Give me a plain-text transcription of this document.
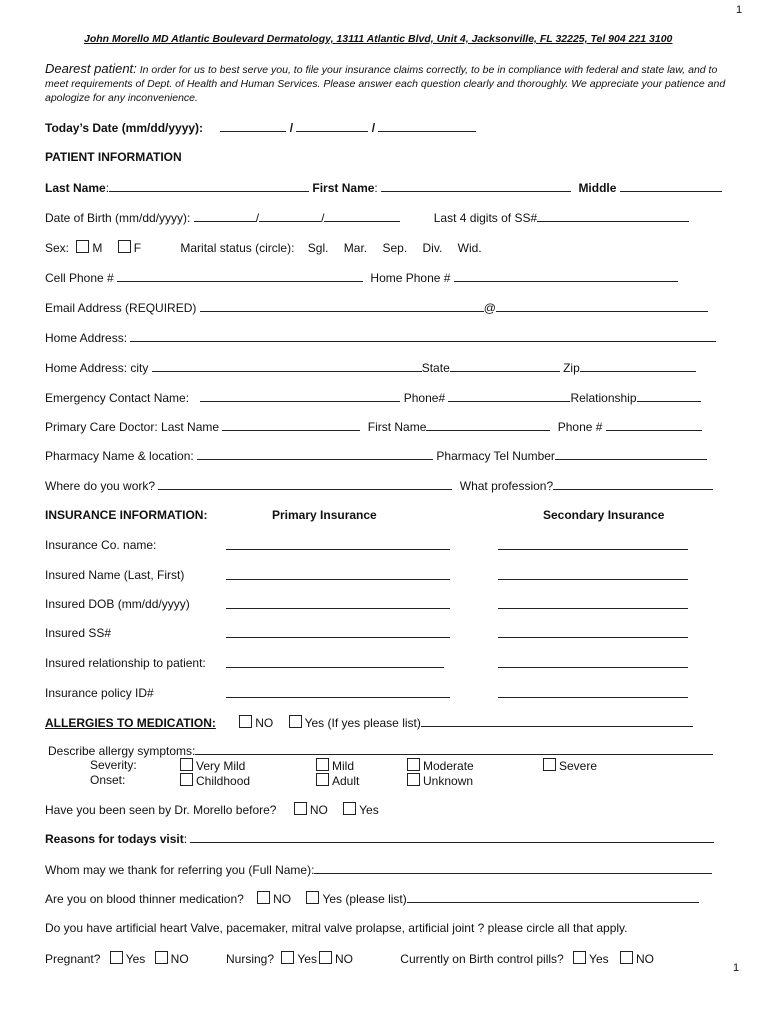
1
John Morello MD Atlantic Boulevard Dermatology, 13111 Atlantic Blvd, Unit 4, Jacksonville, FL 32225, Tel 904 221 3100
Dearest patient: In order for us to best serve you, to file your insurance claims correctly, to be in compliance with federal and state law, and to meet requirements of Dept. of Health and Human Services. Please answer each question clearly and thoroughly. We appreciate your patience and apologize for any inconvenience.
Today’s Date (mm/dd/yyyy):	/	/
PATIENT INFORMATION
Last Name:	First Name:	Middle
Date of Birth (mm/dd/yyyy):	/	/	Last 4 digits of SS#
Sex: M	F	Marital status (circle): Sgl. Mar. Sep. Div. Wid.
Cell Phone #	Home Phone #
Email Address (REQUIRED)	@
Home Address:
Home Address: city	State	Zip
Emergency Contact Name:	Phone#	Relationship
Primary Care Doctor: Last Name	First Name	Phone #
Pharmacy Name & location:	Pharmacy Tel Number
Where do you work?	What profession?
INSURANCE INFORMATION:	Primary Insurance	Secondary Insurance
Insurance Co. name:
Insured Name (Last, First)
Insured DOB (mm/dd/yyyy)
Insured SS#
Insured relationship to patient:
Insurance policy ID#
ALLERGIES TO MEDICATION:	NO	Yes (If yes please list)
Describe allergy symptoms:
Severity:	Very Mild	Mild	Moderate	Severe
Onset:	Childhood	Adult	Unknown
Have you been seen by Dr. Morello before?	NO	Yes
Reasons for todays visit:
Whom may we thank for referring you (Full Name):
Are you on blood thinner medication? NO	Yes (please list)
Do you have artificial heart Valve, pacemaker, mitral valve prolapse, artificial joint ? please circle all that apply.
Pregnant? Yes NO	Nursing? Yes NO	Currently on Birth control pills? Yes NO
1
